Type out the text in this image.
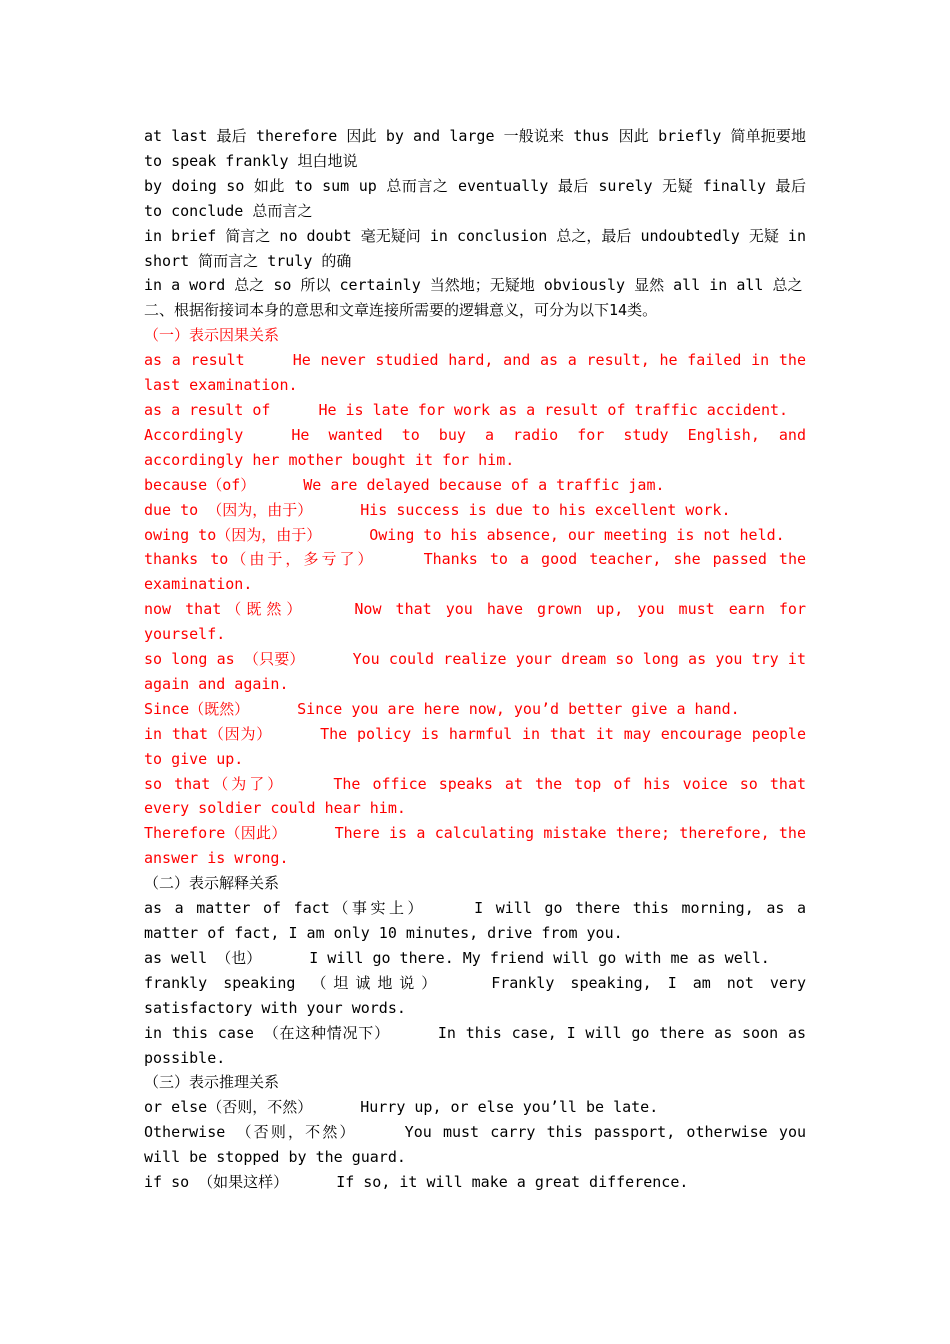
at last 最后 therefore 因此 by and large 一般说来 thus 因此 briefly 简单扼要地 to speak frankly 坦白地说

by doing so 如此 to sum up 总而言之 eventually 最后 surely 无疑 finally 最后 to conclude 总而言之

in brief 简言之 no doubt 毫无疑问 in conclusion 总之，最后 undoubtedly 无疑 in short 简而言之 truly 的确

in a word 总之 so 所以 certainly 当然地；无疑地 obviously 显然 all in all 总之

二、根据衔接词本身的意思和文章连接所需要的逻辑意义，可分为以下14类。

（一）表示因果关系

as a result	He never studied hard, and as a result, he failed in the last examination.

as a result of	He is late for work as a result of traffic accident.

Accordingly	He wanted to buy a radio for study English, and accordingly her mother bought it for him.

because（of）	We are delayed because of a traffic jam.

due to （因为，由于）	His success is due to his excellent work.

owing to（因为，由于）	Owing to his absence, our meeting is not held.

thanks to（由于，多亏了）	Thanks to a good teacher, she passed the examination.

now that（既然）	Now that you have grown up, you must earn for yourself.

so long as （只要）	You could realize your dream so long as you try it again and again.

Since（既然）	Since you are here now, you’d better give a hand.

in that（因为）	The policy is harmful in that it may encourage people to give up.

so that（为了）	The office speaks at the top of his voice so that every soldier could hear him.

Therefore（因此）	There is a calculating mistake there; therefore, the answer is wrong.

（二）表示解释关系

as a matter of fact（事实上）	I will go there this morning, as a matter of fact, I am only 10 minutes, drive from you.

as well （也）	I will go there. My friend will go with me as well.

frankly speaking （坦诚地说）	Frankly speaking, I am not very satisfactory with your words.

in this case （在这种情况下）	In this case, I will go there as soon as possible.

（三）表示推理关系

or else（否则，不然）	Hurry up, or else you’ll be late.

Otherwise （否则，不然）	You must carry this passport, otherwise you will be stopped by the guard.

if so （如果这样）	If so, it will make a great difference.
